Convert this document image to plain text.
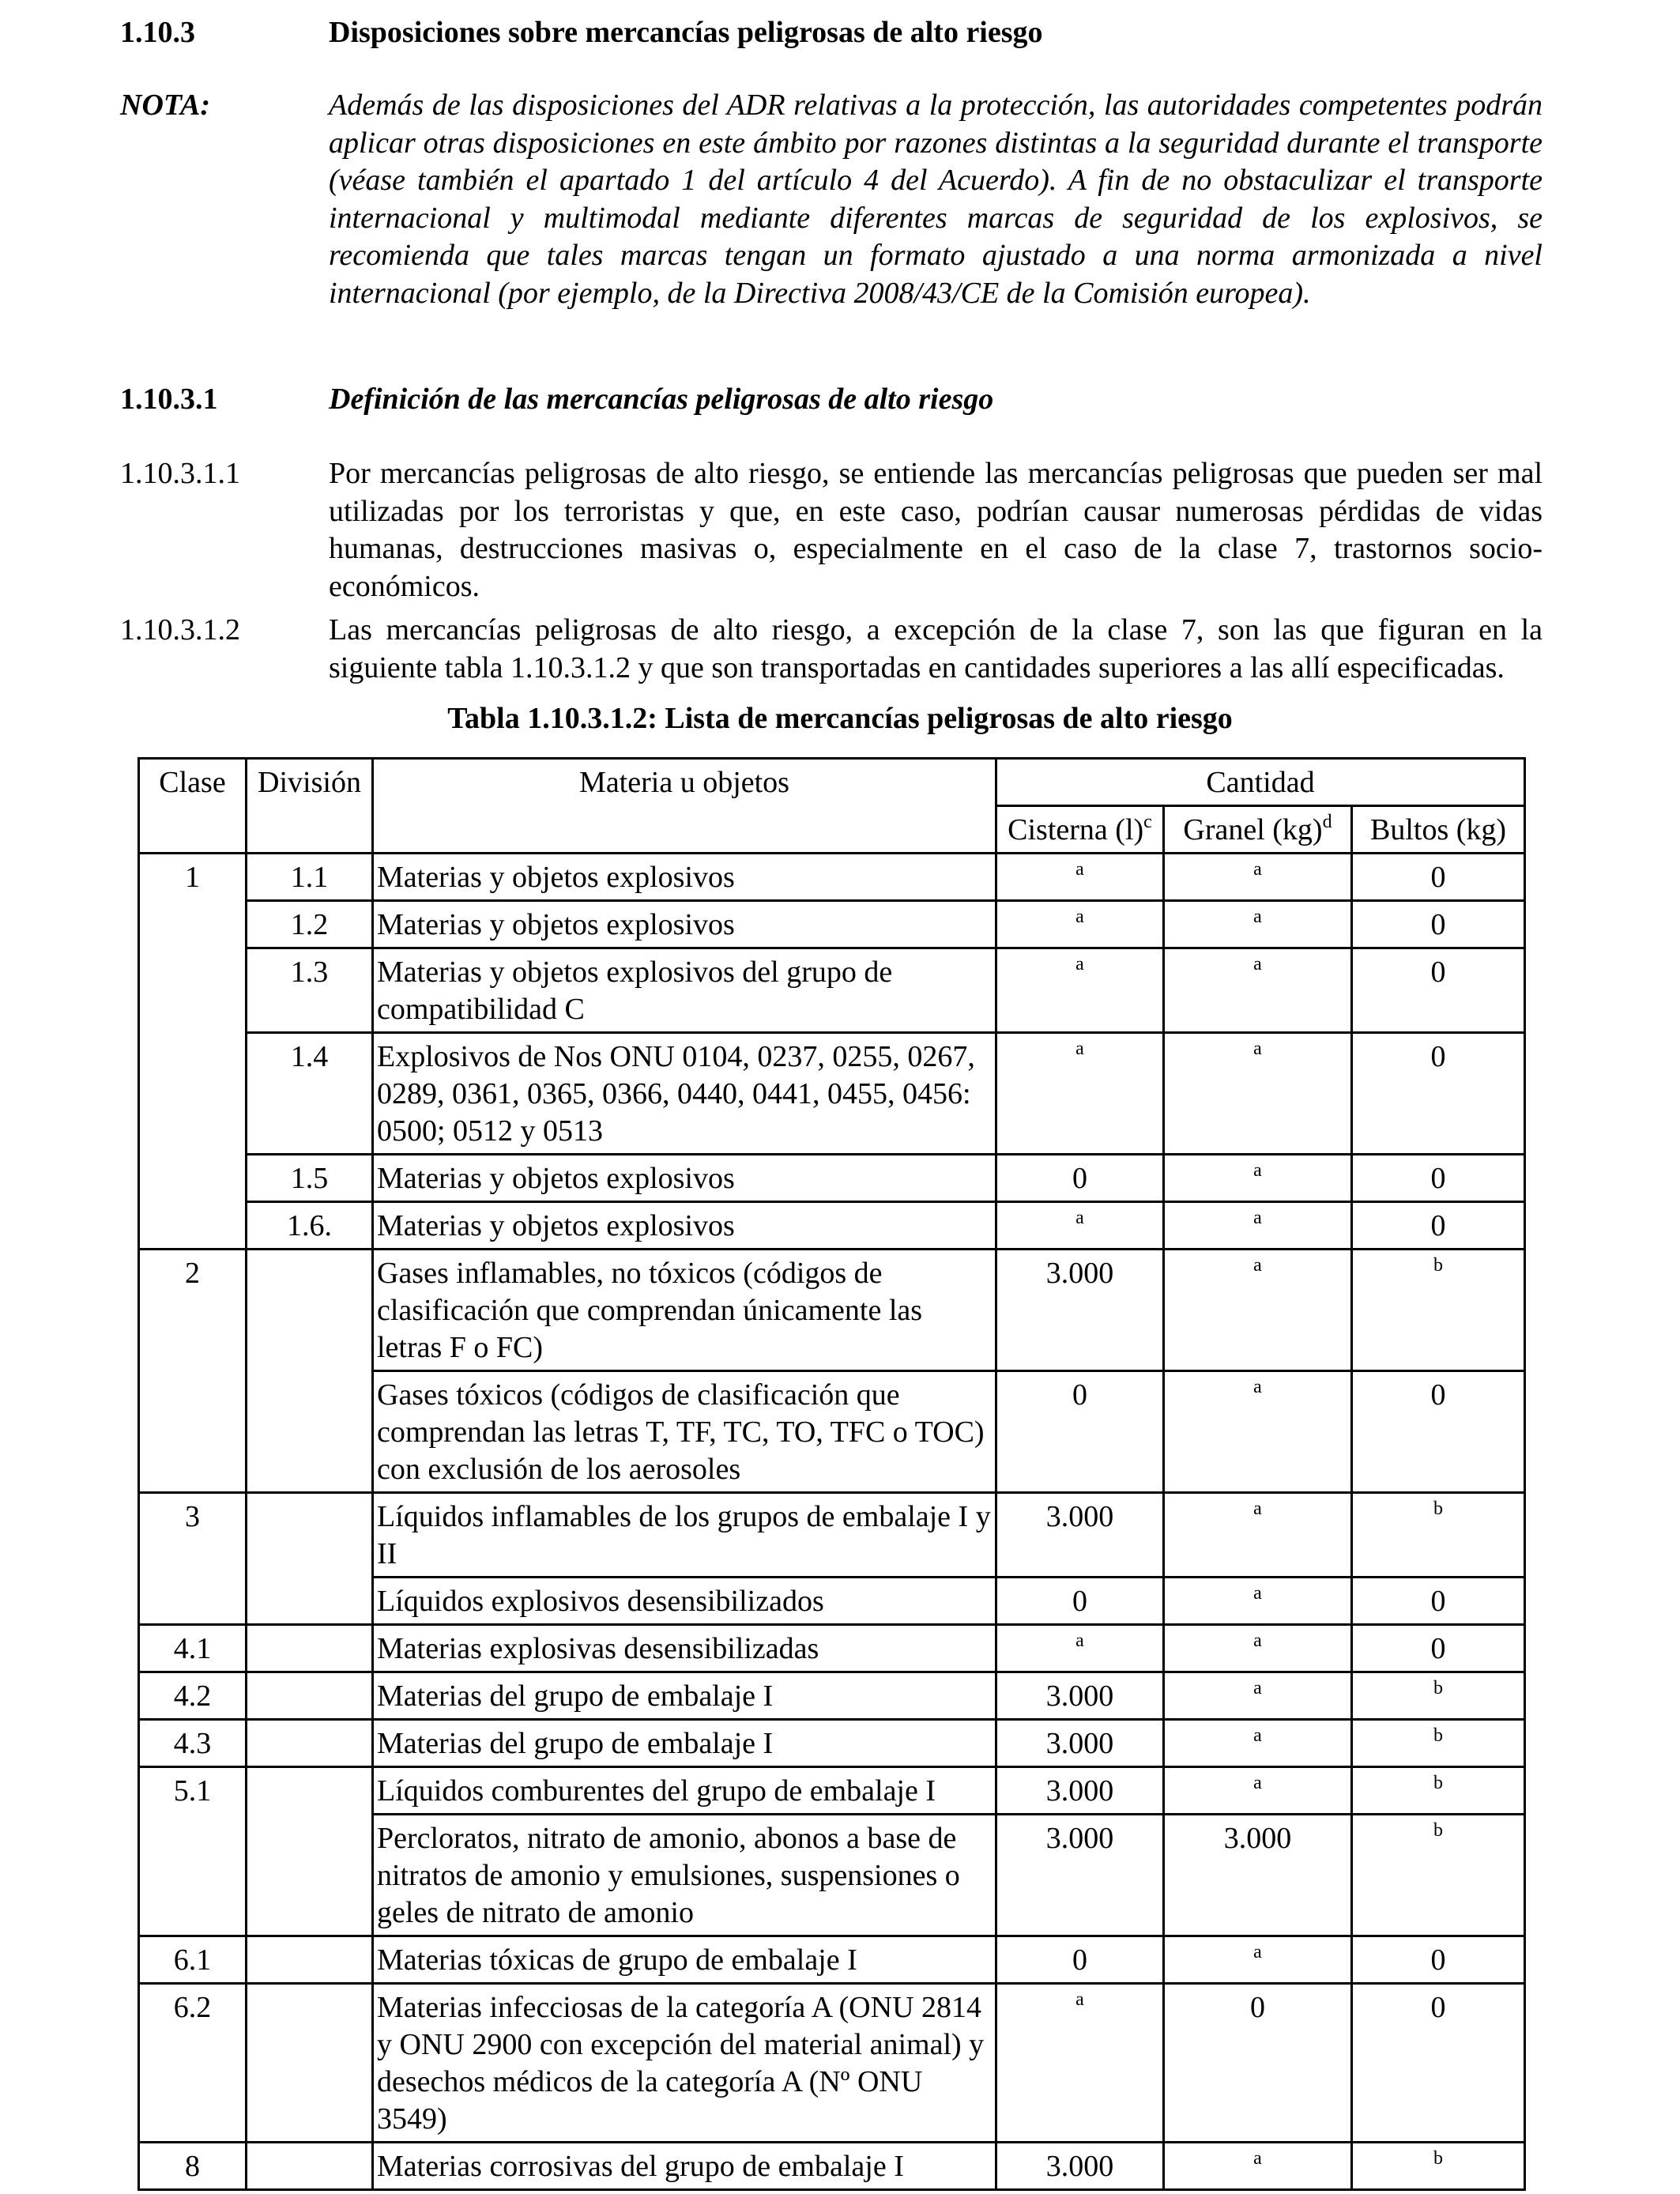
1.10.3	Disposiciones sobre mercancías peligrosas de alto riesgo
NOTA:	Además de las disposiciones del ADR relativas a la protección, las autoridades competentes podrán aplicar otras disposiciones en este ámbito por razones distintas a la seguridad durante el transporte (véase también el apartado 1 del artículo 4 del Acuerdo). A fin de no obstaculizar el transporte internacional y multimodal mediante diferentes marcas de seguridad de los explosivos, se recomienda que tales marcas tengan un formato ajustado a una norma armonizada a nivel internacional (por ejemplo, de la Directiva 2008/43/CE de la Comisión europea).
1.10.3.1	Definición de las mercancías peligrosas de alto riesgo
1.10.3.1.1	Por mercancías peligrosas de alto riesgo, se entiende las mercancías peligrosas que pueden ser mal utilizadas por los terroristas y que, en este caso, podrían causar numerosas pérdidas de vidas humanas, destrucciones masivas o, especialmente en el caso de la clase 7, trastornos socio-económicos.
1.10.3.1.2	Las mercancías peligrosas de alto riesgo, a excepción de la clase 7, son las que figuran en la siguiente tabla 1.10.3.1.2 y que son transportadas en cantidades superiores a las allí especificadas.
Tabla 1.10.3.1.2: Lista de mercancías peligrosas de alto riesgo
Clase	División	Materia u objetos	Cantidad		
			Cisterna $(l)^c$	Granel (kg)$^d$	Bultos (kg)
1	1.1	Materias y objetos explosivos	a	a	0
	1.2	Materias y objetos explosivos	a	a	0
	1.3	Materias y objetos explosivos del grupo de compatibilidad C	a	a	0
	1.4	Explosivos de Nos ONU 0104, 0237, 0255, 0267, 0289, 0361, 0365, 0366, 0440, 0441, 0455, 0456: 0500; 0512 y 0513	a	a	0
	1.5	Materias y objetos explosivos	0	a	0
	1.6.	Materias y objetos explosivos	a	a	0
2		Gases inflamables, no tóxicos (códigos de clasificación que comprendan únicamente las letras F o FC)	3.000	a	b
		Gases tóxicos (códigos de clasificación que comprendan las letras T, TF, TC, TO, TFC o TOC) con exclusión de los aerosoles	0	a	0
3		Líquidos inflamables de los grupos de embalaje I y II	3.000	a	b
		Líquidos explosivos desensibilizados	0	a	0
4.1		Materias explosivas desensibilizadas	a	a	0
4.2		Materias del grupo de embalaje I	3.000	a	b
4.3		Materias del grupo de embalaje I	3.000	a	b
5.1		Líquidos comburentes del grupo de embalaje I	3.000	a	b
		Percloratos, nitrato de amonio, abonos a base de nitratos de amonio y emulsiones, suspensiones o geles de nitrato de amonio	3.000	3.000	b
6.1		Materias tóxicas de grupo de embalaje I	0	a	0
6.2		Materias infecciosas de la categoría A (ONU 2814 y ONU 2900 con excepción del material animal) y desechos médicos de la categoría A (Nº ONU 3549)	a	0	0
8		Materias corrosivas del grupo de embalaje I	3.000	a	b
